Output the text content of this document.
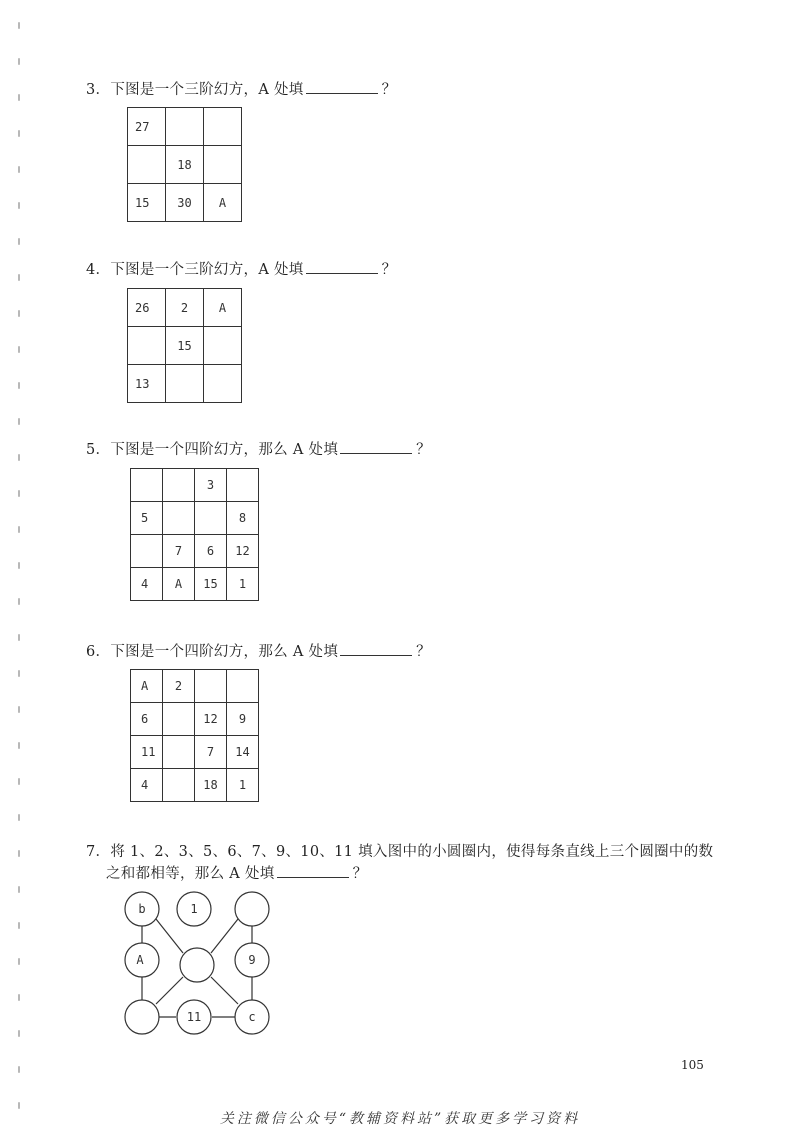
3．下图是一个三阶幻方，A 处填	？
27		
	18	
15	30	A
4．下图是一个三阶幻方，A 处填	？
26	2	A
	15	
13		
5．下图是一个四阶幻方，那么 A 处填	？
		3	
5			8
	7	6	12
4	A	15	1
6．下图是一个四阶幻方，那么 A 处填	？
A	2		
6		12	9
11		7	14
4		18	1
7．将 1、2、3、5、6、7、9、10、11 填入图中的小圆圈内，使得每条直线上三个圆圈中的数
之和都相等，那么 A 处填	？
b	1
A	9
11	c
105
关注微信公众号“教辅资料站”获取更多学习资料
